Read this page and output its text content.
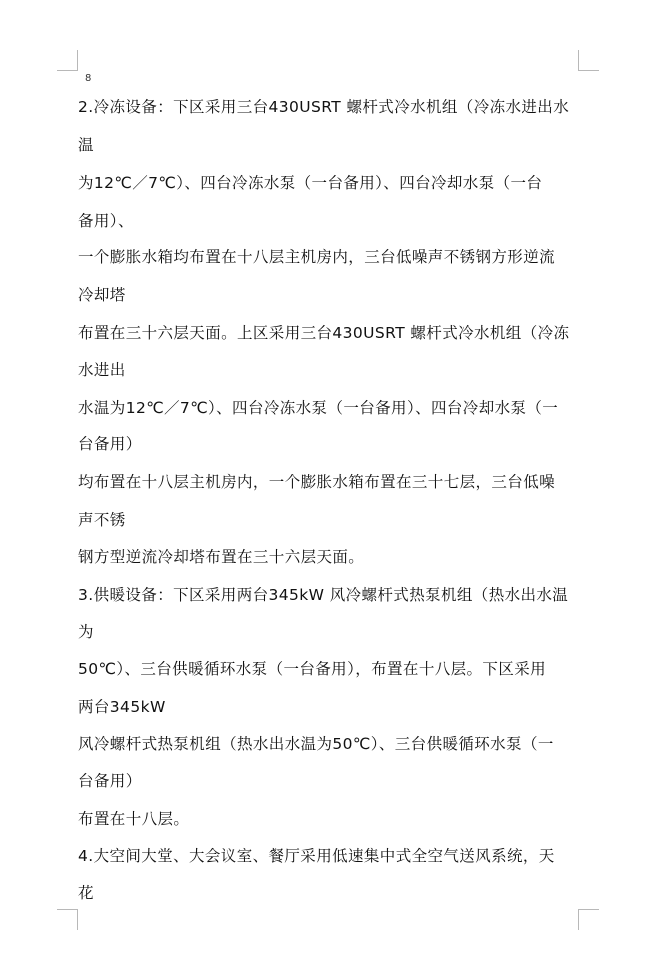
8
2.冷冻设备：下区采用三台430USRT 螺杆式冷水机组（冷冻水进出水
温
为12℃／7℃）、四台冷冻水泵（一台备用）、四台冷却水泵（一台
备用）、
一个膨胀水箱均布置在十八层主机房内，三台低噪声不锈钢方形逆流
冷却塔
布置在三十六层天面。上区采用三台430USRT 螺杆式冷水机组（冷冻
水进出
水温为12℃／7℃）、四台冷冻水泵（一台备用）、四台冷却水泵（一
台备用）
均布置在十八层主机房内，一个膨胀水箱布置在三十七层，三台低噪
声不锈
钢方型逆流冷却塔布置在三十六层天面。
3.供暖设备：下区采用两台345kW 风冷螺杆式热泵机组（热水出水温
为
50℃）、三台供暖循环水泵（一台备用），布置在十八层。下区采用
两台345kW
风冷螺杆式热泵机组（热水出水温为50℃）、三台供暖循环水泵（一
台备用）
布置在十八层。
4.大空间大堂、大会议室、餐厅采用低速集中式全空气送风系统，天
花
